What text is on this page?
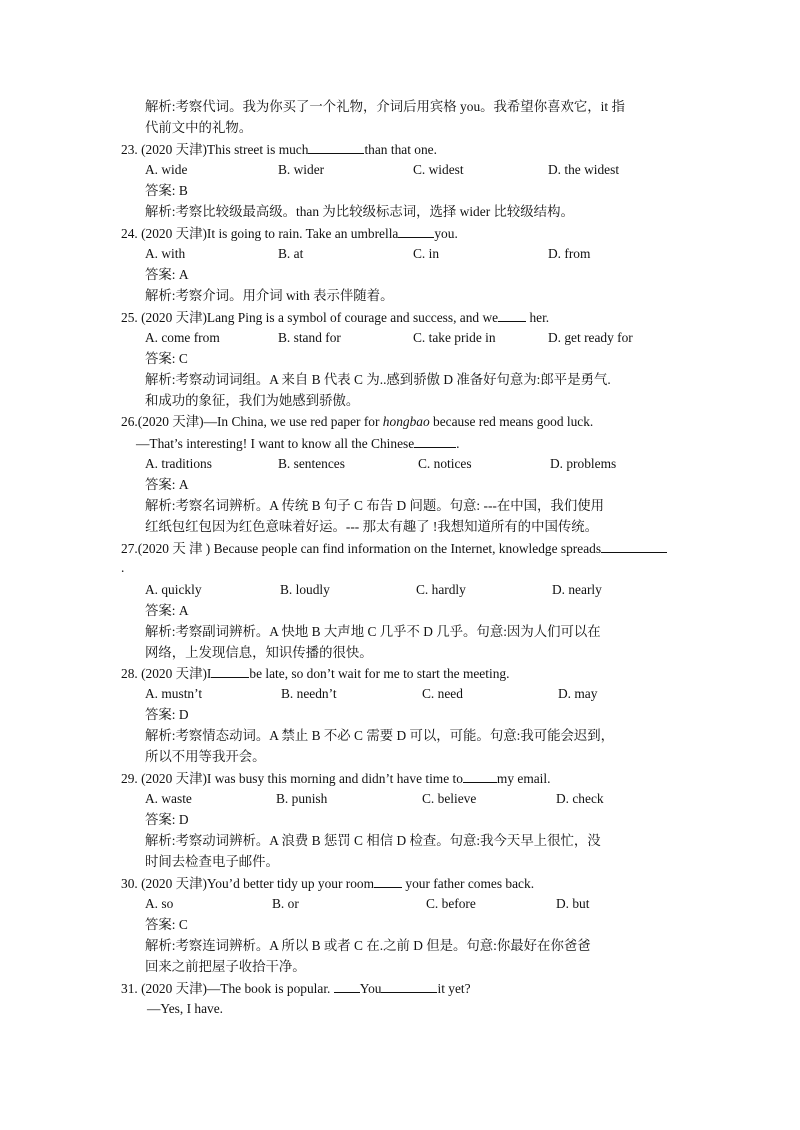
解析:考察代词。我为你买了一个礼物，介词后用宾格 you。我希望你喜欢它，it 指
代前文中的礼物。
23. (2020 天津)This street is much	than that one.
A. wide	B. wider	C. widest	D. the widest
答案: B
解析:考察比较级最高级。than 为比较级标志词，选择 wider 比较级结构。
24. (2020 天津)It is going to rain. Take an umbrella	you.
A. with	B. at	C. in	D. from
答案: A
解析:考察介词。用介词 with 表示伴随着。
25. (2020 天津)Lang Ping is a symbol of courage and success, and we her.
A. come from	B. stand for	C. take pride in	D. get ready for
答案: C
解析:考察动词词组。A 来自 B 代表 C 为..感到骄傲 D 准备好句意为:郎平是勇气.
和成功的象征，我们为她感到骄傲。
26.(2020 天津)—In China, we use red paper for hongbao because red means good luck.
—That’s interesting! I want to know all the Chinese	.
A. traditions	B. sentences	C. notices	D. problems
答案: A
解析:考察名词辨析。A 传统 B 句子 C 布告 D 问题。句意: ---在中国，我们使用
红纸包红包因为红色意味着好运。--- 那太有趣了 !我想知道所有的中国传统。
27.(2020 天 津 ) Because people can find information on the Internet, knowledge spreads
.
A. quickly	B. loudly	C. hardly	D. nearly
答案: A
解析:考察副词辨析。A 快地 B 大声地 C 几乎不 D 几乎。句意:因为人们可以在
网络，上发现信息，知识传播的很快。
28. (2020 天津)I	be late, so don’t wait for me to start the meeting.
A. mustn’t	B. needn’t	C. need	D. may
答案: D
解析:考察情态动词。A 禁止 B 不必 C 需要 D 可以，可能。句意:我可能会迟到，
所以不用等我开会。
29. (2020 天津)I was busy this morning and didn’t have time to	my email.
A. waste	B. punish	C. believe	D. check
答案: D
解析:考察动词辨析。A 浪费 B 惩罚 C 相信 D 检查。句意:我今天早上很忙，没
时间去检查电子邮件。
30. (2020 天津)You’d better tidy up your room your father comes back.
A. so	B. or	C. before	D. but
答案: C
解析:考察连词辨析。A 所以 B 或者 C 在.之前 D 但是。句意:你最好在你爸爸
回来之前把屋子收拾干净。
31. (2020 天津)—The book is popular. You	it yet?
—Yes, I have.
